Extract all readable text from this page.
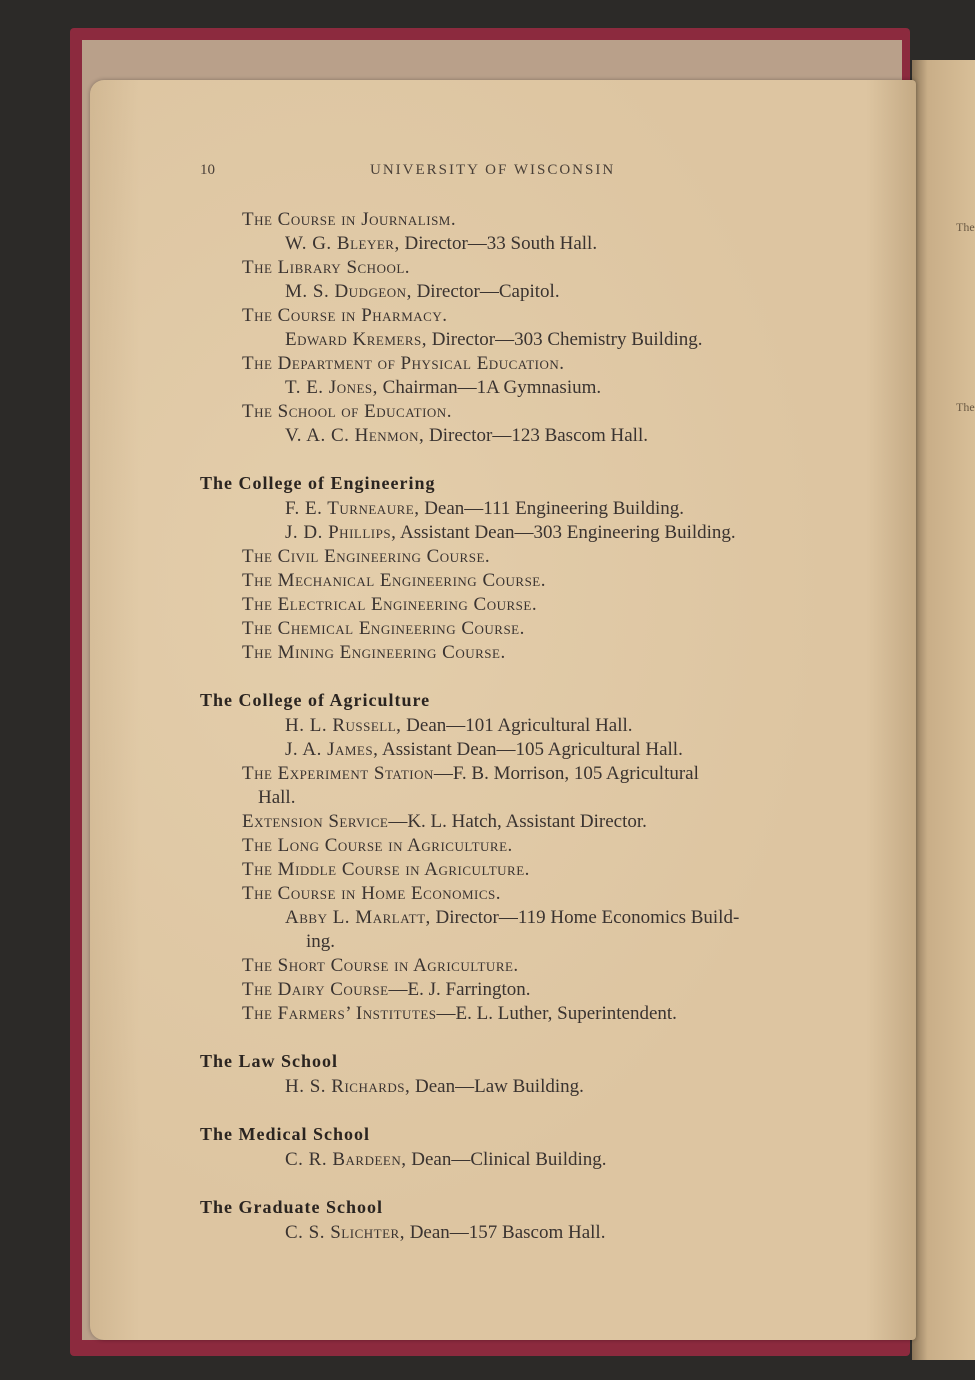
The
The
10	UNIVERSITY OF WISCONSIN
The Course in Journalism.
W. G. Bleyer, Director—33 South Hall.
The Library School.
M. S. Dudgeon, Director—Capitol.
The Course in Pharmacy.
Edward Kremers, Director—303 Chemistry Building.
The Department of Physical Education.
T. E. Jones, Chairman—1A Gymnasium.
The School of Education.
V. A. C. Henmon, Director—123 Bascom Hall.
The College of Engineering
F. E. Turneaure, Dean—111 Engineering Building.
J. D. Phillips, Assistant Dean—303 Engineering Building.
The Civil Engineering Course.
The Mechanical Engineering Course.
The Electrical Engineering Course.
The Chemical Engineering Course.
The Mining Engineering Course.
The College of Agriculture
H. L. Russell, Dean—101 Agricultural Hall.
J. A. James, Assistant Dean—105 Agricultural Hall.
The Experiment Station—F. B. Morrison, 105 Agricultural
Hall.
Extension Service—K. L. Hatch, Assistant Director.
The Long Course in Agriculture.
The Middle Course in Agriculture.
The Course in Home Economics.
Abby L. Marlatt, Director—119 Home Economics Build-
ing.
The Short Course in Agriculture.
The Dairy Course—E. J. Farrington.
The Farmers’ Institutes—E. L. Luther, Superintendent.
The Law School
H. S. Richards, Dean—Law Building.
The Medical School
C. R. Bardeen, Dean—Clinical Building.
The Graduate School
C. S. Slichter, Dean—157 Bascom Hall.
